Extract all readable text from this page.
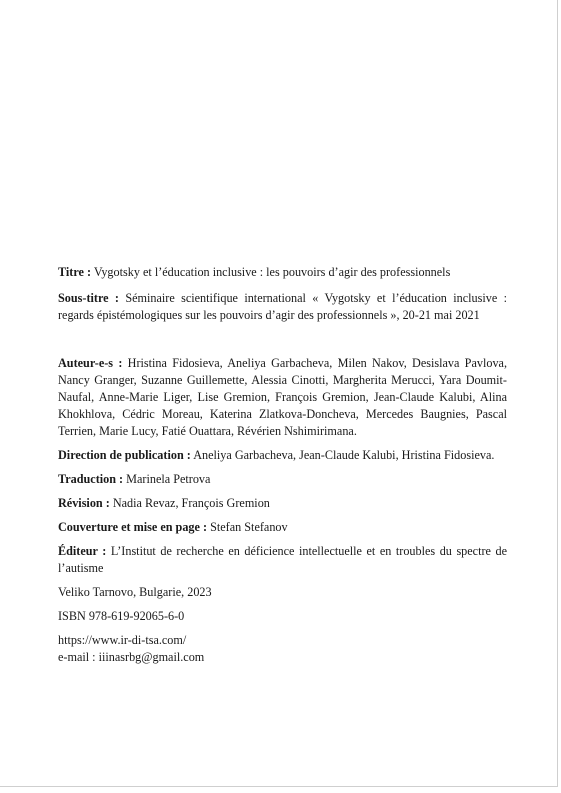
Titre : Vygotsky et l’éducation inclusive : les pouvoirs d’agir des professionnels

Sous-titre : Séminaire scientifique international « Vygotsky et l’éducation inclusive : regards épistémologiques sur les pouvoirs d’agir des professionnels », 20-21 mai 2021

Auteur-e-s : Hristina Fidosieva, Aneliya Garbacheva, Milen Nakov, Desislava Pavlova, Nancy Granger, Suzanne Guillemette, Alessia Cinotti, Margherita Merucci, Yara Doumit-Naufal, Anne-Marie Liger, Lise Gremion, François Gremion, Jean-Claude Kalubi, Alina Khokhlova, Cédric Moreau, Katerina Zlatkova-Doncheva, Mercedes Baugnies, Pascal Terrien, Marie Lucy, Fatié Ouattara, Révérien Nshimirimana.

Direction de publication : Aneliya Garbacheva, Jean-Claude Kalubi, Hristina Fidosieva.

Traduction : Marinela Petrova

Révision : Nadia Revaz, François Gremion

Couverture et mise en page : Stefan Stefanov

Éditeur : L’Institut de recherche en déficience intellectuelle et en troubles du spectre de l’autisme

Veliko Tarnovo, Bulgarie, 2023

ISBN 978-619-92065-6-0

https://www.ir-di-tsa.com/

e-mail : iiinasrbg@gmail.com
